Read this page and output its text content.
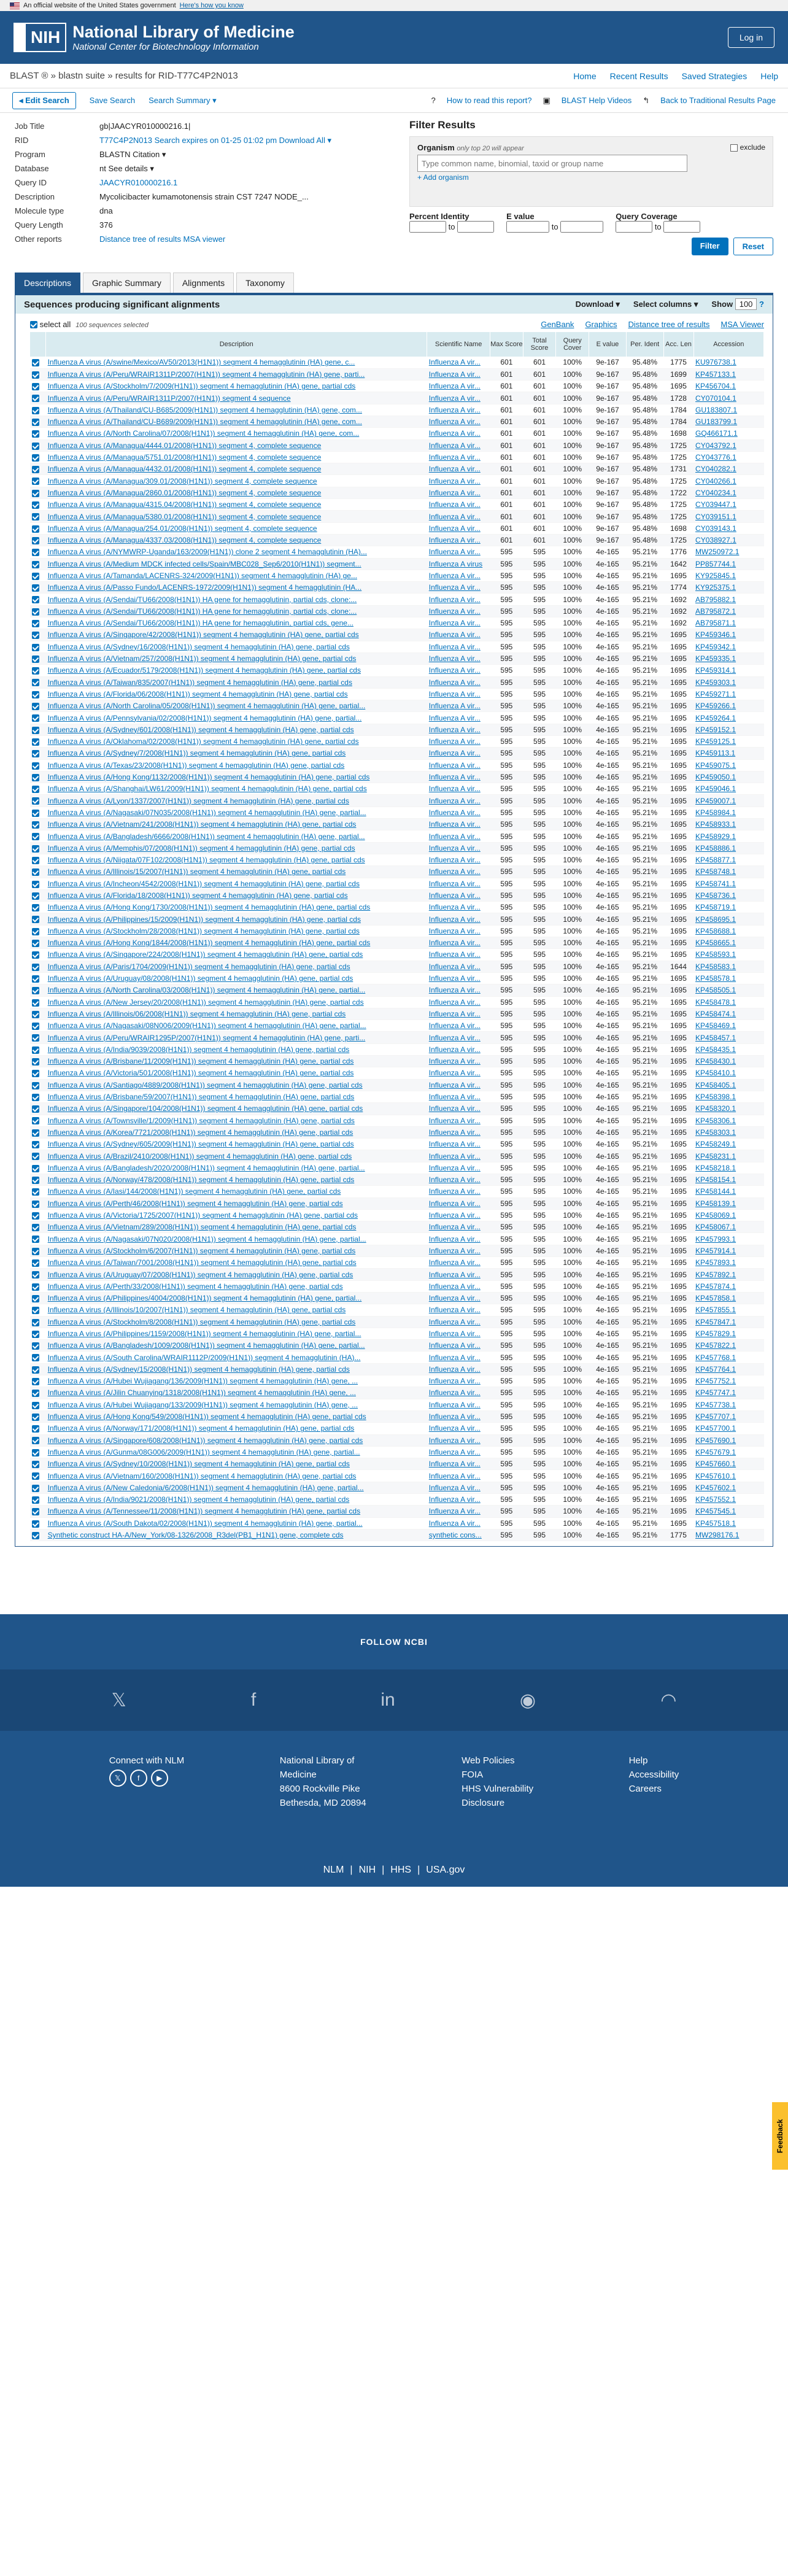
An official website of the United States government Here's how you know
NIH National Library of Medicine
National Center for Biotechnology Information
Log in
BLAST ® » blastn suite » results for RID-T77C4P2N013	Home Recent Results Saved Strategies Help
◂ Edit Search	Save Search Search Summary ▾	? How to read this report? ▣ BLAST Help Videos ↰ Back to Traditional Results Page
Job Title	gb|JAACYR010000216.1|
RID	T77C4P2N013 Search expires on 01-25 01:02 pm Download All ▾
Program	BLASTN Citation ▾
Database	nt See details ▾
Query ID	JAACYR010000216.1
Description	Mycolicibacter kumamotonensis strain CST 7247 NODE_...
Molecule type	dna
Query Length	376
Other reports	Distance tree of results MSA viewer
Filter Results
Organism only top 20 will appear	exclude
Type common name, binomial, taxid or group name
+ Add organism
Percent Identity
to
E value
to
Query Coverage
to
Filter	Reset
Descriptions	Graphic Summary	Alignments	Taxonomy
Sequences producing significant alignments	Download ▾ Select columns ▾ Show 100 ?
select all 100 sequences selected	GenBank Graphics Distance tree of results MSA Viewer
	Description	Scientific Name	Max Score	Total Score	Query Cover	E value	Per. Ident	Acc. Len	Accession
	Influenza A virus (A/swine/Mexico/AV50/2013(H1N1)) segment 4 hemagglutinin (HA) gene, c...	Influenza A vir...	601	601	100%	9e-167	95.48%	1775	KU976738.1
	Influenza A virus (A/Peru/WRAIR1311P/2007(H1N1)) segment 4 hemagglutinin (HA) gene, parti...	Influenza A vir...	601	601	100%	9e-167	95.48%	1699	KP457133.1
	Influenza A virus (A/Stockholm/7/2009(H1N1)) segment 4 hemagglutinin (HA) gene, partial cds	Influenza A vir...	601	601	100%	9e-167	95.48%	1695	KP456704.1
	Influenza A virus (A/Peru/WRAIR1311P/2007(H1N1)) segment 4 sequence	Influenza A vir...	601	601	100%	9e-167	95.48%	1728	CY070104.1
	Influenza A virus (A/Thailand/CU-B685/2009(H1N1)) segment 4 hemagglutinin (HA) gene, com...	Influenza A vir...	601	601	100%	9e-167	95.48%	1784	GU183807.1
	Influenza A virus (A/Thailand/CU-B689/2009(H1N1)) segment 4 hemagglutinin (HA) gene, com...	Influenza A vir...	601	601	100%	9e-167	95.48%	1784	GU183799.1
	Influenza A virus (A/North Carolina/07/2008(H1N1)) segment 4 hemagglutinin (HA) gene, com...	Influenza A vir...	601	601	100%	9e-167	95.48%	1698	GQ466171.1
	Influenza A virus (A/Managua/4444.01/2008(H1N1)) segment 4, complete sequence	Influenza A vir...	601	601	100%	9e-167	95.48%	1725	CY043792.1
	Influenza A virus (A/Managua/5751.01/2008(H1N1)) segment 4, complete sequence	Influenza A vir...	601	601	100%	9e-167	95.48%	1725	CY043776.1
	Influenza A virus (A/Managua/4432.01/2008(H1N1)) segment 4, complete sequence	Influenza A vir...	601	601	100%	9e-167	95.48%	1731	CY040282.1
	Influenza A virus (A/Managua/309.01/2008(H1N1)) segment 4, complete sequence	Influenza A vir...	601	601	100%	9e-167	95.48%	1725	CY040266.1
	Influenza A virus (A/Managua/2860.01/2008(H1N1)) segment 4, complete sequence	Influenza A vir...	601	601	100%	9e-167	95.48%	1722	CY040234.1
	Influenza A virus (A/Managua/4315.04/2008(H1N1)) segment 4, complete sequence	Influenza A vir...	601	601	100%	9e-167	95.48%	1725	CY039447.1
	Influenza A virus (A/Managua/5380.01/2008(H1N1)) segment 4, complete sequence	Influenza A vir...	601	601	100%	9e-167	95.48%	1725	CY039151.1
	Influenza A virus (A/Managua/254.01/2008(H1N1)) segment 4, complete sequence	Influenza A vir...	601	601	100%	9e-167	95.48%	1698	CY039143.1
	Influenza A virus (A/Managua/4337.03/2008(H1N1)) segment 4, complete sequence	Influenza A vir...	601	601	100%	9e-167	95.48%	1725	CY038927.1
	Influenza A virus (A/NYMWRP-Uganda/163/2009(H1N1)) clone 2 segment 4 hemagglutinin (HA)...	Influenza A vir...	595	595	100%	4e-165	95.21%	1776	MW250972.1
	Influenza A virus (A/Medium MDCK infected cells/Spain/MBC028_Sep6/2010(H1N1)) segment...	Influenza A virus	595	595	100%	4e-165	95.21%	1642	PP857744.1
	Influenza A virus (A/Tamanda/LACENRS-324/2009(H1N1)) segment 4 hemagglutinin (HA) ge...	Influenza A vir...	595	595	100%	4e-165	95.21%	1695	KY925845.1
	Influenza A virus (A/Passo Fundo/LACENRS-1972/2009(H1N1)) segment 4 hemagglutinin (HA...	Influenza A vir...	595	595	100%	4e-165	95.21%	1774	KY925375.1
	Influenza A virus (A/Sendai/TU66/2008(H1N1)) HA gene for hemagglutinin, partial cds, clone:...	Influenza A vir...	595	595	100%	4e-165	95.21%	1692	AB795882.1
	Influenza A virus (A/Sendai/TU66/2008(H1N1)) HA gene for hemagglutinin, partial cds, clone:...	Influenza A vir...	595	595	100%	4e-165	95.21%	1692	AB795872.1
	Influenza A virus (A/Sendai/TU66/2008(H1N1)) HA gene for hemagglutinin, partial cds, gene...	Influenza A vir...	595	595	100%	4e-165	95.21%	1692	AB795871.1
	Influenza A virus (A/Singapore/42/2008(H1N1)) segment 4 hemagglutinin (HA) gene, partial cds	Influenza A vir...	595	595	100%	4e-165	95.21%	1695	KP459346.1
	Influenza A virus (A/Sydney/16/2008(H1N1)) segment 4 hemagglutinin (HA) gene, partial cds	Influenza A vir...	595	595	100%	4e-165	95.21%	1695	KP459342.1
	Influenza A virus (A/Vietnam/257/2008(H1N1)) segment 4 hemagglutinin (HA) gene, partial cds	Influenza A vir...	595	595	100%	4e-165	95.21%	1695	KP459335.1
	Influenza A virus (A/Ecuador/5179/2008(H1N1)) segment 4 hemagglutinin (HA) gene, partial cds	Influenza A vir...	595	595	100%	4e-165	95.21%	1695	KP459314.1
	Influenza A virus (A/Taiwan/835/2007(H1N1)) segment 4 hemagglutinin (HA) gene, partial cds	Influenza A vir...	595	595	100%	4e-165	95.21%	1695	KP459303.1
	Influenza A virus (A/Florida/06/2008(H1N1)) segment 4 hemagglutinin (HA) gene, partial cds	Influenza A vir...	595	595	100%	4e-165	95.21%	1695	KP459271.1
	Influenza A virus (A/North Carolina/05/2008(H1N1)) segment 4 hemagglutinin (HA) gene, partial...	Influenza A vir...	595	595	100%	4e-165	95.21%	1695	KP459266.1
	Influenza A virus (A/Pennsylvania/02/2008(H1N1)) segment 4 hemagglutinin (HA) gene, partial...	Influenza A vir...	595	595	100%	4e-165	95.21%	1695	KP459264.1
	Influenza A virus (A/Sydney/601/2008(H1N1)) segment 4 hemagglutinin (HA) gene, partial cds	Influenza A vir...	595	595	100%	4e-165	95.21%	1695	KP459152.1
	Influenza A virus (A/Oklahoma/02/2008(H1N1)) segment 4 hemagglutinin (HA) gene, partial cds	Influenza A vir...	595	595	100%	4e-165	95.21%	1695	KP459125.1
	Influenza A virus (A/Sydney/7/2008(H1N1)) segment 4 hemagglutinin (HA) gene, partial cds	Influenza A vir...	595	595	100%	4e-165	95.21%	1695	KP459113.1
	Influenza A virus (A/Texas/23/2008(H1N1)) segment 4 hemagglutinin (HA) gene, partial cds	Influenza A vir...	595	595	100%	4e-165	95.21%	1695	KP459075.1
	Influenza A virus (A/Hong Kong/1132/2008(H1N1)) segment 4 hemagglutinin (HA) gene, partial cds	Influenza A vir...	595	595	100%	4e-165	95.21%	1695	KP459050.1
	Influenza A virus (A/Shanghai/LW61/2009(H1N1)) segment 4 hemagglutinin (HA) gene, partial cds	Influenza A vir...	595	595	100%	4e-165	95.21%	1695	KP459046.1
	Influenza A virus (A/Lyon/1337/2007(H1N1)) segment 4 hemagglutinin (HA) gene, partial cds	Influenza A vir...	595	595	100%	4e-165	95.21%	1695	KP459007.1
	Influenza A virus (A/Nagasaki/07N035/2008(H1N1)) segment 4 hemagglutinin (HA) gene, partial...	Influenza A vir...	595	595	100%	4e-165	95.21%	1695	KP458984.1
	Influenza A virus (A/Vietnam/241/2008(H1N1)) segment 4 hemagglutinin (HA) gene, partial cds	Influenza A vir...	595	595	100%	4e-165	95.21%	1695	KP458933.1
	Influenza A virus (A/Bangladesh/6666/2008(H1N1)) segment 4 hemagglutinin (HA) gene, partial...	Influenza A vir...	595	595	100%	4e-165	95.21%	1695	KP458929.1
	Influenza A virus (A/Memphis/07/2008(H1N1)) segment 4 hemagglutinin (HA) gene, partial cds	Influenza A vir...	595	595	100%	4e-165	95.21%	1695	KP458886.1
	Influenza A virus (A/Niigata/07F102/2008(H1N1)) segment 4 hemagglutinin (HA) gene, partial cds	Influenza A vir...	595	595	100%	4e-165	95.21%	1695	KP458877.1
	Influenza A virus (A/Illinois/15/2007(H1N1)) segment 4 hemagglutinin (HA) gene, partial cds	Influenza A vir...	595	595	100%	4e-165	95.21%	1695	KP458748.1
	Influenza A virus (A/Incheon/4542/2008(H1N1)) segment 4 hemagglutinin (HA) gene, partial cds	Influenza A vir...	595	595	100%	4e-165	95.21%	1695	KP458741.1
	Influenza A virus (A/Florida/18/2008(H1N1)) segment 4 hemagglutinin (HA) gene, partial cds	Influenza A vir...	595	595	100%	4e-165	95.21%	1695	KP458736.1
	Influenza A virus (A/Hong Kong/1730/2008(H1N1)) segment 4 hemagglutinin (HA) gene, partial cds	Influenza A vir...	595	595	100%	4e-165	95.21%	1695	KP458719.1
	Influenza A virus (A/Philippines/15/2009(H1N1)) segment 4 hemagglutinin (HA) gene, partial cds	Influenza A vir...	595	595	100%	4e-165	95.21%	1695	KP458695.1
	Influenza A virus (A/Stockholm/28/2008(H1N1)) segment 4 hemagglutinin (HA) gene, partial cds	Influenza A vir...	595	595	100%	4e-165	95.21%	1695	KP458688.1
	Influenza A virus (A/Hong Kong/1844/2008(H1N1)) segment 4 hemagglutinin (HA) gene, partial cds	Influenza A vir...	595	595	100%	4e-165	95.21%	1695	KP458665.1
	Influenza A virus (A/Singapore/224/2008(H1N1)) segment 4 hemagglutinin (HA) gene, partial cds	Influenza A vir...	595	595	100%	4e-165	95.21%	1695	KP458593.1
	Influenza A virus (A/Paris/1704/2009(H1N1)) segment 4 hemagglutinin (HA) gene, partial cds	Influenza A vir...	595	595	100%	4e-165	95.21%	1644	KP458583.1
	Influenza A virus (A/Uruguay/08/2008(H1N1)) segment 4 hemagglutinin (HA) gene, partial cds	Influenza A vir...	595	595	100%	4e-165	95.21%	1695	KP458578.1
	Influenza A virus (A/North Carolina/03/2008(H1N1)) segment 4 hemagglutinin (HA) gene, partial...	Influenza A vir...	595	595	100%	4e-165	95.21%	1695	KP458505.1
	Influenza A virus (A/New Jersey/20/2008(H1N1)) segment 4 hemagglutinin (HA) gene, partial cds	Influenza A vir...	595	595	100%	4e-165	95.21%	1695	KP458478.1
	Influenza A virus (A/Illinois/06/2008(H1N1)) segment 4 hemagglutinin (HA) gene, partial cds	Influenza A vir...	595	595	100%	4e-165	95.21%	1695	KP458474.1
	Influenza A virus (A/Nagasaki/08N006/2009(H1N1)) segment 4 hemagglutinin (HA) gene, partial...	Influenza A vir...	595	595	100%	4e-165	95.21%	1695	KP458469.1
	Influenza A virus (A/Peru/WRAIR1295P/2007(H1N1)) segment 4 hemagglutinin (HA) gene, parti...	Influenza A vir...	595	595	100%	4e-165	95.21%	1695	KP458457.1
	Influenza A virus (A/India/9039/2008(H1N1)) segment 4 hemagglutinin (HA) gene, partial cds	Influenza A vir...	595	595	100%	4e-165	95.21%	1695	KP458435.1
	Influenza A virus (A/Brisbane/11/2009(H1N1)) segment 4 hemagglutinin (HA) gene, partial cds	Influenza A vir...	595	595	100%	4e-165	95.21%	1695	KP458430.1
	Influenza A virus (A/Victoria/501/2008(H1N1)) segment 4 hemagglutinin (HA) gene, partial cds	Influenza A vir...	595	595	100%	4e-165	95.21%	1695	KP458410.1
	Influenza A virus (A/Santiago/4889/2008(H1N1)) segment 4 hemagglutinin (HA) gene, partial cds	Influenza A vir...	595	595	100%	4e-165	95.21%	1695	KP458405.1
	Influenza A virus (A/Brisbane/59/2007(H1N1)) segment 4 hemagglutinin (HA) gene, partial cds	Influenza A vir...	595	595	100%	4e-165	95.21%	1695	KP458398.1
	Influenza A virus (A/Singapore/104/2008(H1N1)) segment 4 hemagglutinin (HA) gene, partial cds	Influenza A vir...	595	595	100%	4e-165	95.21%	1695	KP458320.1
	Influenza A virus (A/Townsville/1/2009(H1N1)) segment 4 hemagglutinin (HA) gene, partial cds	Influenza A vir...	595	595	100%	4e-165	95.21%	1695	KP458306.1
	Influenza A virus (A/Korea/7721/2008(H1N1)) segment 4 hemagglutinin (HA) gene, partial cds	Influenza A vir...	595	595	100%	4e-165	95.21%	1695	KP458303.1
	Influenza A virus (A/Sydney/605/2009(H1N1)) segment 4 hemagglutinin (HA) gene, partial cds	Influenza A vir...	595	595	100%	4e-165	95.21%	1695	KP458249.1
	Influenza A virus (A/Brazil/2410/2008(H1N1)) segment 4 hemagglutinin (HA) gene, partial cds	Influenza A vir...	595	595	100%	4e-165	95.21%	1695	KP458231.1
	Influenza A virus (A/Bangladesh/2020/2008(H1N1)) segment 4 hemagglutinin (HA) gene, partial...	Influenza A vir...	595	595	100%	4e-165	95.21%	1695	KP458218.1
	Influenza A virus (A/Norway/478/2008(H1N1)) segment 4 hemagglutinin (HA) gene, partial cds	Influenza A vir...	595	595	100%	4e-165	95.21%	1695	KP458154.1
	Influenza A virus (A/Iasi/144/2008(H1N1)) segment 4 hemagglutinin (HA) gene, partial cds	Influenza A vir...	595	595	100%	4e-165	95.21%	1695	KP458144.1
	Influenza A virus (A/Perth/46/2008(H1N1)) segment 4 hemagglutinin (HA) gene, partial cds	Influenza A vir...	595	595	100%	4e-165	95.21%	1695	KP458139.1
	Influenza A virus (A/Victoria/1725/2007(H1N1)) segment 4 hemagglutinin (HA) gene, partial cds	Influenza A vir...	595	595	100%	4e-165	95.21%	1695	KP458069.1
	Influenza A virus (A/Vietnam/289/2008(H1N1)) segment 4 hemagglutinin (HA) gene, partial cds	Influenza A vir...	595	595	100%	4e-165	95.21%	1695	KP458067.1
	Influenza A virus (A/Nagasaki/07N020/2008(H1N1)) segment 4 hemagglutinin (HA) gene, partial...	Influenza A vir...	595	595	100%	4e-165	95.21%	1695	KP457993.1
	Influenza A virus (A/Stockholm/6/2007(H1N1)) segment 4 hemagglutinin (HA) gene, partial cds	Influenza A vir...	595	595	100%	4e-165	95.21%	1695	KP457914.1
	Influenza A virus (A/Taiwan/7001/2008(H1N1)) segment 4 hemagglutinin (HA) gene, partial cds	Influenza A vir...	595	595	100%	4e-165	95.21%	1695	KP457893.1
	Influenza A virus (A/Uruguay/07/2008(H1N1)) segment 4 hemagglutinin (HA) gene, partial cds	Influenza A vir...	595	595	100%	4e-165	95.21%	1695	KP457892.1
	Influenza A virus (A/Perth/33/2008(H1N1)) segment 4 hemagglutinin (HA) gene, partial cds	Influenza A vir...	595	595	100%	4e-165	95.21%	1695	KP457874.1
	Influenza A virus (A/Philippines/4004/2008(H1N1)) segment 4 hemagglutinin (HA) gene, partial...	Influenza A vir...	595	595	100%	4e-165	95.21%	1695	KP457858.1
	Influenza A virus (A/Illinois/10/2007(H1N1)) segment 4 hemagglutinin (HA) gene, partial cds	Influenza A vir...	595	595	100%	4e-165	95.21%	1695	KP457855.1
	Influenza A virus (A/Stockholm/8/2008(H1N1)) segment 4 hemagglutinin (HA) gene, partial cds	Influenza A vir...	595	595	100%	4e-165	95.21%	1695	KP457847.1
	Influenza A virus (A/Philippines/1159/2008(H1N1)) segment 4 hemagglutinin (HA) gene, partial...	Influenza A vir...	595	595	100%	4e-165	95.21%	1695	KP457829.1
	Influenza A virus (A/Bangladesh/1009/2008(H1N1)) segment 4 hemagglutinin (HA) gene, partial...	Influenza A vir...	595	595	100%	4e-165	95.21%	1695	KP457822.1
	Influenza A virus (A/South Carolina/WRAIR1112P/2009(H1N1)) segment 4 hemagglutinin (HA)...	Influenza A vir...	595	595	100%	4e-165	95.21%	1695	KP457768.1
	Influenza A virus (A/Sydney/15/2008(H1N1)) segment 4 hemagglutinin (HA) gene, partial cds	Influenza A vir...	595	595	100%	4e-165	95.21%	1695	KP457764.1
	Influenza A virus (A/Hubei Wujiagang/136/2009(H1N1)) segment 4 hemagglutinin (HA) gene, ...	Influenza A vir...	595	595	100%	4e-165	95.21%	1695	KP457752.1
	Influenza A virus (A/Jilin Chuanying/1318/2008(H1N1)) segment 4 hemagglutinin (HA) gene, ...	Influenza A vir...	595	595	100%	4e-165	95.21%	1695	KP457747.1
	Influenza A virus (A/Hubei Wujiagang/133/2009(H1N1)) segment 4 hemagglutinin (HA) gene, ...	Influenza A vir...	595	595	100%	4e-165	95.21%	1695	KP457738.1
	Influenza A virus (A/Hong Kong/549/2008(H1N1)) segment 4 hemagglutinin (HA) gene, partial cds	Influenza A vir...	595	595	100%	4e-165	95.21%	1695	KP457707.1
	Influenza A virus (A/Norway/171/2008(H1N1)) segment 4 hemagglutinin (HA) gene, partial cds	Influenza A vir...	595	595	100%	4e-165	95.21%	1695	KP457700.1
	Influenza A virus (A/Singapore/608/2008(H1N1)) segment 4 hemagglutinin (HA) gene, partial cds	Influenza A vir...	595	595	100%	4e-165	95.21%	1695	KP457690.1
	Influenza A virus (A/Gunma/08G006/2009(H1N1)) segment 4 hemagglutinin (HA) gene, partial...	Influenza A vir...	595	595	100%	4e-165	95.21%	1695	KP457679.1
	Influenza A virus (A/Sydney/10/2008(H1N1)) segment 4 hemagglutinin (HA) gene, partial cds	Influenza A vir...	595	595	100%	4e-165	95.21%	1695	KP457660.1
	Influenza A virus (A/Vietnam/160/2008(H1N1)) segment 4 hemagglutinin (HA) gene, partial cds	Influenza A vir...	595	595	100%	4e-165	95.21%	1695	KP457610.1
	Influenza A virus (A/New Caledonia/6/2008(H1N1)) segment 4 hemagglutinin (HA) gene, partial...	Influenza A vir...	595	595	100%	4e-165	95.21%	1695	KP457602.1
	Influenza A virus (A/India/9021/2008(H1N1)) segment 4 hemagglutinin (HA) gene, partial cds	Influenza A vir...	595	595	100%	4e-165	95.21%	1695	KP457552.1
	Influenza A virus (A/Tennessee/11/2008(H1N1)) segment 4 hemagglutinin (HA) gene, partial cds	Influenza A vir...	595	595	100%	4e-165	95.21%	1695	KP457545.1
	Influenza A virus (A/South Dakota/02/2008(H1N1)) segment 4 hemagglutinin (HA) gene, partial...	Influenza A vir...	595	595	100%	4e-165	95.21%	1695	KP457518.1
	Synthetic construct HA-A/New_York/08-1326/2008_R3del(PB1_H1N1) gene, complete cds	synthetic cons...	595	595	100%	4e-165	95.21%	1775	MW298176.1
FOLLOW NCBI
𝕏	f	in	◉	◠
Connect with NLM
𝕏 f ▶
National Library of
Medicine
8600 Rockville Pike
Bethesda, MD 20894
Web Policies
FOIA
HHS Vulnerability
Disclosure
Help
Accessibility
Careers
NLM | NIH | HHS | USA.gov
Feedback
